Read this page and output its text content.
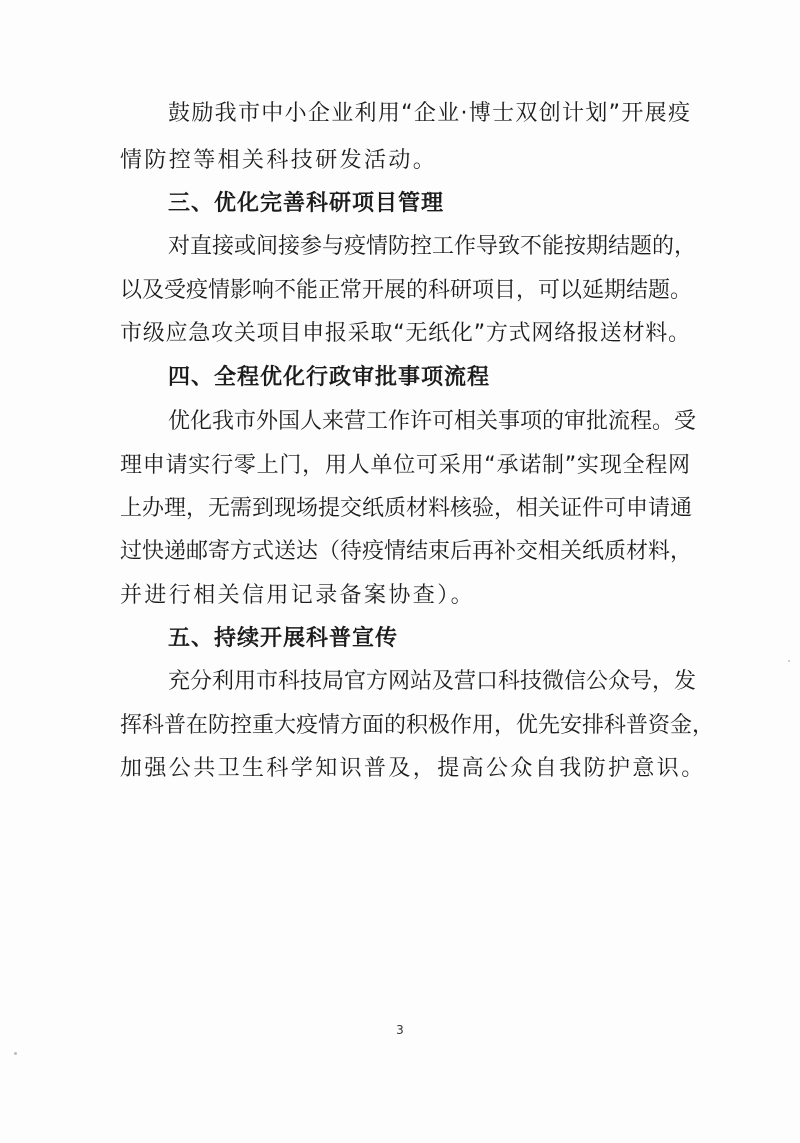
鼓励我市中小企业利用“企业·博士双创计划”开展疫
情防控等相关科技研发活动。
三、优化完善科研项目管理
对直接或间接参与疫情防控工作导致不能按期结题的，
以及受疫情影响不能正常开展的科研项目，可以延期结题。
市级应急攻关项目申报采取“无纸化”方式网络报送材料。
四、全程优化行政审批事项流程
优化我市外国人来营工作许可相关事项的审批流程。受
理申请实行零上门，用人单位可采用“承诺制”实现全程网
上办理，无需到现场提交纸质材料核验，相关证件可申请通
过快递邮寄方式送达（待疫情结束后再补交相关纸质材料，
并进行相关信用记录备案协查）。
五、持续开展科普宣传
充分利用市科技局官方网站及营口科技微信公众号，发
挥科普在防控重大疫情方面的积极作用，优先安排科普资金，
加强公共卫生科学知识普及，提高公众自我防护意识。
3
